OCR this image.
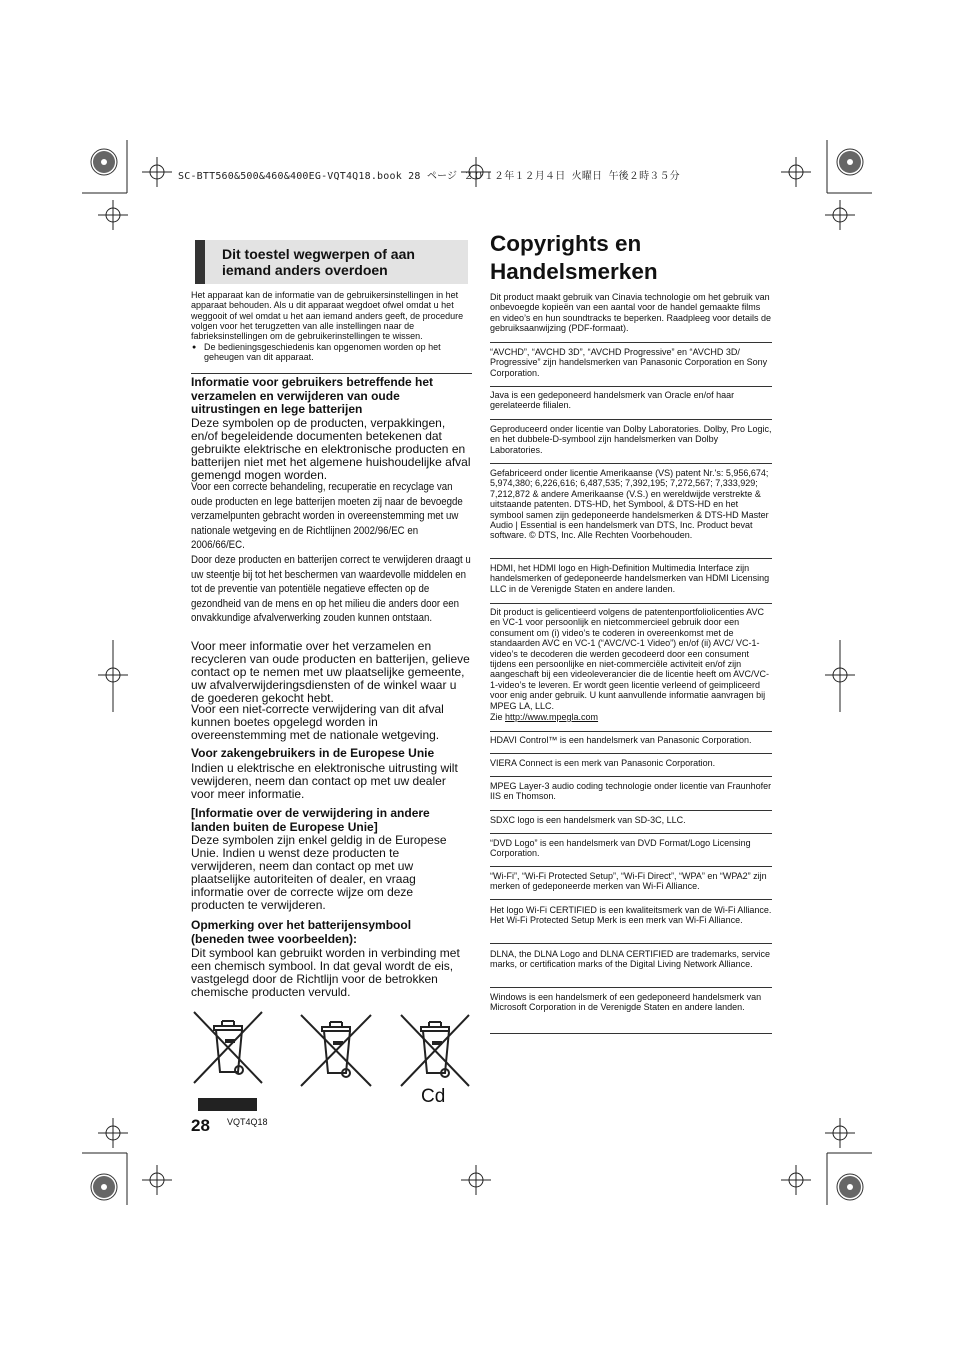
SC-BTT560&500&460&400EG-VQT4Q18.book 28 ページ ２０１２年１２月４日 火曜日 午後２時３５分
Dit toestel wegwerpen of aan iemand anders overdoen
Het apparaat kan de informatie van de gebruikersinstellingen in het apparaat behouden. Als u dit apparaat wegdoet ofwel omdat u het weggooit of wel omdat u het aan iemand anders geeft, de procedure volgen voor het terugzetten van alle instellingen naar de fabrieksinstellingen om de gebruikerinstellingen te wissen.
● De bedieningsgeschiedenis kan opgenomen worden op het geheugen van dit apparaat.
Informatie voor gebruikers betreffende het verzamelen en verwijderen van oude uitrustingen en lege batterijen
Deze symbolen op de producten, verpakkingen, en/of begeleidende documenten betekenen dat gebruikte elektrische en elektronische producten en batterijen niet met het algemene huishoudelijke afval gemengd mogen worden.
Voor een correcte behandeling, recuperatie en recyclage van oude producten en lege batterijen moeten zij naar de bevoegde verzamelpunten gebracht worden in overeenstemming met uw nationale wetgeving en de Richtlijnen 2002/96/EC en 2006/66/EC.
Door deze producten en batterijen correct te verwijderen draagt u uw steentje bij tot het beschermen van waardevolle middelen en tot de preventie van potentiële negatieve effecten op de gezondheid van de mens en op het milieu die anders door een onvakkundige afvalverwerking zouden kunnen ontstaan.
Voor meer informatie over het verzamelen en recycleren van oude producten en batterijen, gelieve contact op te nemen met uw plaatselijke gemeente, uw afvalverwijderingsdiensten of de winkel waar u de goederen gekocht hebt.
Voor een niet-correcte verwijdering van dit afval kunnen boetes opgelegd worden in overeenstemming met de nationale wetgeving.
Voor zakengebruikers in de Europese Unie
Indien u elektrische en elektronische uitrusting wilt vewijderen, neem dan contact op met uw dealer voor meer informatie.
[Informatie over de verwijdering in andere landen buiten de Europese Unie]
Deze symbolen zijn enkel geldig in de Europese Unie. Indien u wenst deze producten te verwijderen, neem dan contact op met uw plaatselijke autoriteiten of dealer, en vraag informatie over de correcte wijze om deze producten te verwijderen.
Opmerking over het batterijensymbool (beneden twee voorbeelden):
Dit symbool kan gebruikt worden in verbinding met een chemisch symbool. In dat geval wordt de eis, vastgelegd door de Richtlijn voor de betrokken chemische producten vervuld.
Cd
Copyrights en Handelsmerken
Dit product maakt gebruik van Cinavia technologie om het gebruik van onbevoegde kopieën van een aantal voor de handel gemaakte films en video’s en hun soundtracks te beperken. Raadpleeg voor details de gebruiksaanwijzing (PDF-formaat).
“AVCHD”, “AVCHD 3D”, “AVCHD Progressive” en “AVCHD 3D/ Progressive” zijn handelsmerken van Panasonic Corporation en Sony Corporation.
Java is een gedeponeerd handelsmerk van Oracle en/of haar gerelateerde filialen.
Geproduceerd onder licentie van Dolby Laboratories. Dolby, Pro Logic, en het dubbele-D-symbool zijn handelsmerken van Dolby Laboratories.
Gefabriceerd onder licentie Amerikaanse (VS) patent Nr.'s: 5,956,674; 5,974,380; 6,226,616; 6,487,535; 7,392,195; 7,272,567; 7,333,929; 7,212,872 & andere Amerikaanse (V.S.) en wereldwijde verstrekte & uitstaande patenten. DTS-HD, het Symbool, & DTS-HD en het symbool samen zijn gedeponeerde handelsmerken & DTS-HD Master Audio | Essential is een handelsmerk van DTS, Inc. Product bevat software. © DTS, Inc. Alle Rechten Voorbehouden.
HDMI, het HDMI logo en High-Definition Multimedia Interface zijn handelsmerken of gedeponeerde handelsmerken van HDMI Licensing LLC in de Verenigde Staten en andere landen.
Dit product is gelicentieerd volgens de patentenportfoliolicenties AVC en VC-1 voor persoonlijk en nietcommercieel gebruik door een consument om (i) video’s te coderen in overeenkomst met de standaarden AVC en VC-1 (“AVC/VC-1 Video”) en/of (ii) AVC/ VC-1-video’s te decoderen die werden gecodeerd door een consument tijdens een persoonlijke en niet-commerciële activiteit en/of zijn aangeschaft bij een videoleverancier die de licentie heeft om AVC/VC-1-video’s te leveren. Er wordt geen licentie verleend of geimpliceerd voor enig ander gebruik. U kunt aanvullende informatie aanvragen bij MPEG LA, LLC.
Zie http://www.mpegla.com
HDAVI Control™ is een handelsmerk van Panasonic Corporation.
VIERA Connect is een merk van Panasonic Corporation.
MPEG Layer-3 audio coding technologie onder licentie van Fraunhofer IIS en Thomson.
SDXC logo is een handelsmerk van SD-3C, LLC.
“DVD Logo” is een handelsmerk van DVD Format/Logo Licensing Corporation.
“Wi-Fi”, “Wi-Fi Protected Setup”, “Wi-Fi Direct”, “WPA” en “WPA2” zijn merken of gedeponeerde merken van Wi-Fi Alliance.
Het logo Wi-Fi CERTIFIED is een kwaliteitsmerk van de Wi-Fi Alliance. Het Wi-Fi Protected Setup Merk is een merk van Wi-Fi Alliance.
DLNA, the DLNA Logo and DLNA CERTIFIED are trademarks, service marks, or certification marks of the Digital Living Network Alliance.
Windows is een handelsmerk of een gedeponeerd handelsmerk van Microsoft Corporation in de Verenigde Staten en andere landen.
28 VQT4Q18
